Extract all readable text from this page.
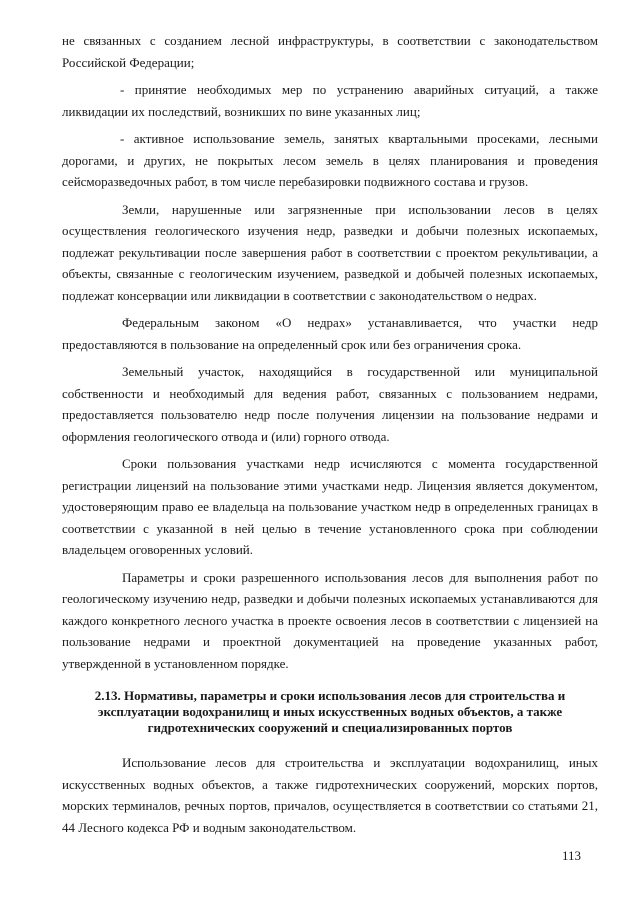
не связанных с созданием лесной инфраструктуры, в соответствии с законодательством Российской Федерации;

- принятие необходимых мер по устранению аварийных ситуаций, а также ликвидации их последствий, возникших по вине указанных лиц;

- активное использование земель, занятых квартальными просеками, лесными дорогами, и других, не покрытых лесом земель в целях планирования и проведения сейсморазведочных работ, в том числе перебазировки подвижного состава и грузов.

Земли, нарушенные или загрязненные при использовании лесов в целях осуществления геологического изучения недр, разведки и добычи полезных ископаемых, подлежат рекультивации после завершения работ в соответствии с проектом рекультивации, а объекты, связанные с геологическим изучением, разведкой и добычей полезных ископаемых, подлежат консервации или ликвидации в соответствии с законодательством о недрах.

Федеральным законом «О недрах» устанавливается, что участки недр предоставляются в пользование на определенный срок или без ограничения срока.

Земельный участок, находящийся в государственной или муниципальной собственности и необходимый для ведения работ, связанных с пользованием недрами, предоставляется пользователю недр после получения лицензии на пользование недрами и оформления геологического отвода и (или) горного отвода.

Сроки пользования участками недр исчисляются с момента государственной регистрации лицензий на пользование этими участками недр. Лицензия является документом, удостоверяющим право ее владельца на пользование участком недр в определенных границах в соответствии с указанной в ней целью в течение установленного срока при соблюдении владельцем оговоренных условий.

Параметры и сроки разрешенного использования лесов для выполнения работ по геологическому изучению недр, разведки и добычи полезных ископаемых устанавливаются для каждого конкретного лесного участка в проекте освоения лесов в соответствии с лицензией на пользование недрами и проектной документацией на проведение указанных работ, утвержденной в установленном порядке.

2.13. Нормативы, параметры и сроки использования лесов для строительства и эксплуатации водохранилищ и иных искусственных водных объектов, а также гидротехнических сооружений и специализированных портов

Использование лесов для строительства и эксплуатации водохранилищ, иных искусственных водных объектов, а также гидротехнических сооружений, морских портов, морских терминалов, речных портов, причалов, осуществляется в соответствии со статьями 21, 44 Лесного кодекса РФ и водным законодательством.

113
